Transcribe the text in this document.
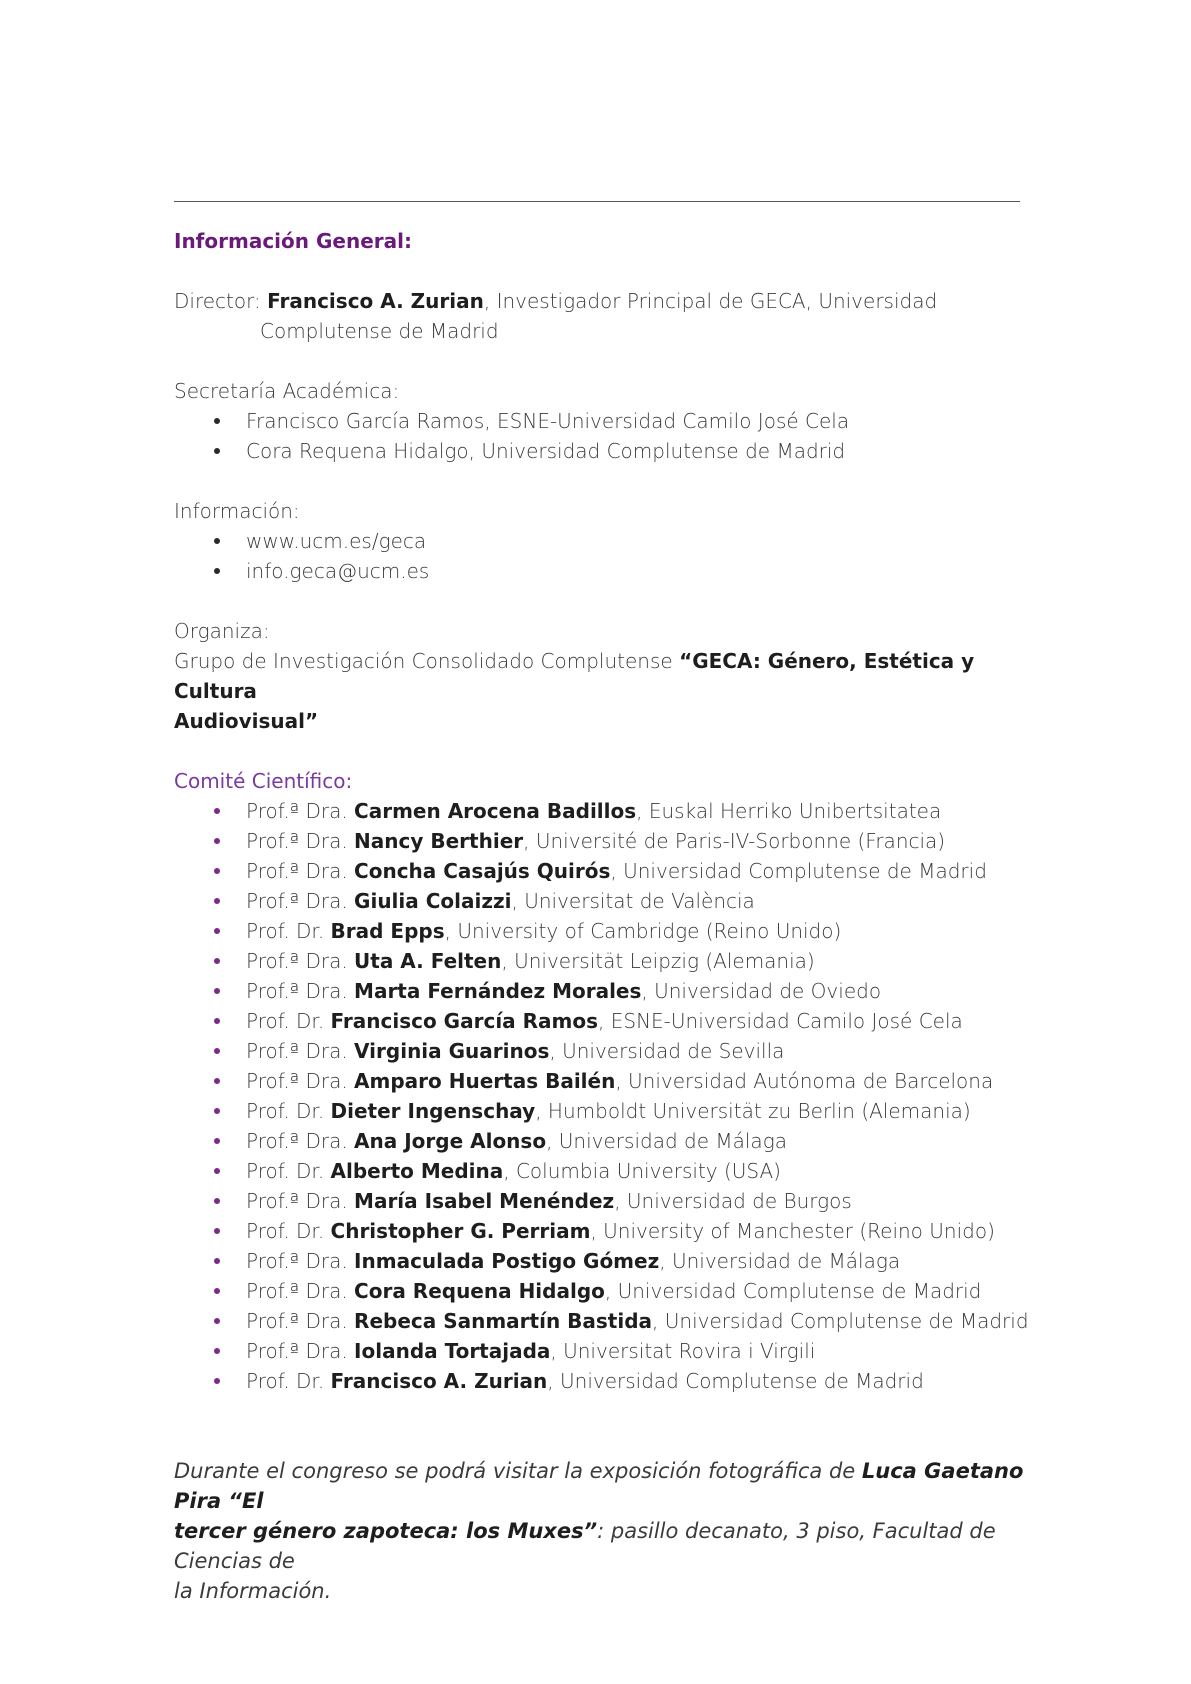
Información General:
Director: Francisco A. Zurian, Investigador Principal de GECA, Universidad
Complutense de Madrid
Secretaría Académica:
Francisco García Ramos, ESNE-Universidad Camilo José Cela
Cora Requena Hidalgo, Universidad Complutense de Madrid
Información:
www.ucm.es/geca
info.geca@ucm.es
Organiza:
Grupo de Investigación Consolidado Complutense “GECA: Género, Estética y Cultura
Audiovisual”
Comité Científico:
Prof.ª Dra. Carmen Arocena Badillos, Euskal Herriko Unibertsitatea
Prof.ª Dra. Nancy Berthier, Université de Paris-IV-Sorbonne (Francia)
Prof.ª Dra. Concha Casajús Quirós, Universidad Complutense de Madrid
Prof.ª Dra. Giulia Colaizzi, Universitat de València
Prof. Dr. Brad Epps, University of Cambridge (Reino Unido)
Prof.ª Dra. Uta A. Felten, Universität Leipzig (Alemania)
Prof.ª Dra. Marta Fernández Morales, Universidad de Oviedo
Prof. Dr. Francisco García Ramos, ESNE-Universidad Camilo José Cela
Prof.ª Dra. Virginia Guarinos, Universidad de Sevilla
Prof.ª Dra. Amparo Huertas Bailén, Universidad Autónoma de Barcelona
Prof. Dr. Dieter Ingenschay, Humboldt Universität zu Berlin (Alemania)
Prof.ª Dra. Ana Jorge Alonso, Universidad de Málaga
Prof. Dr. Alberto Medina, Columbia University (USA)
Prof.ª Dra. María Isabel Menéndez, Universidad de Burgos
Prof. Dr. Christopher G. Perriam, University of Manchester (Reino Unido)
Prof.ª Dra. Inmaculada Postigo Gómez, Universidad de Málaga
Prof.ª Dra. Cora Requena Hidalgo, Universidad Complutense de Madrid
Prof.ª Dra. Rebeca Sanmartín Bastida, Universidad Complutense de Madrid
Prof.ª Dra. Iolanda Tortajada, Universitat Rovira i Virgili
Prof. Dr. Francisco A. Zurian, Universidad Complutense de Madrid
Durante el congreso se podrá visitar la exposición fotográfica de Luca Gaetano Pira “El
tercer género zapoteca: los Muxes”: pasillo decanato, 3 piso, Facultad de Ciencias de
la Información.
